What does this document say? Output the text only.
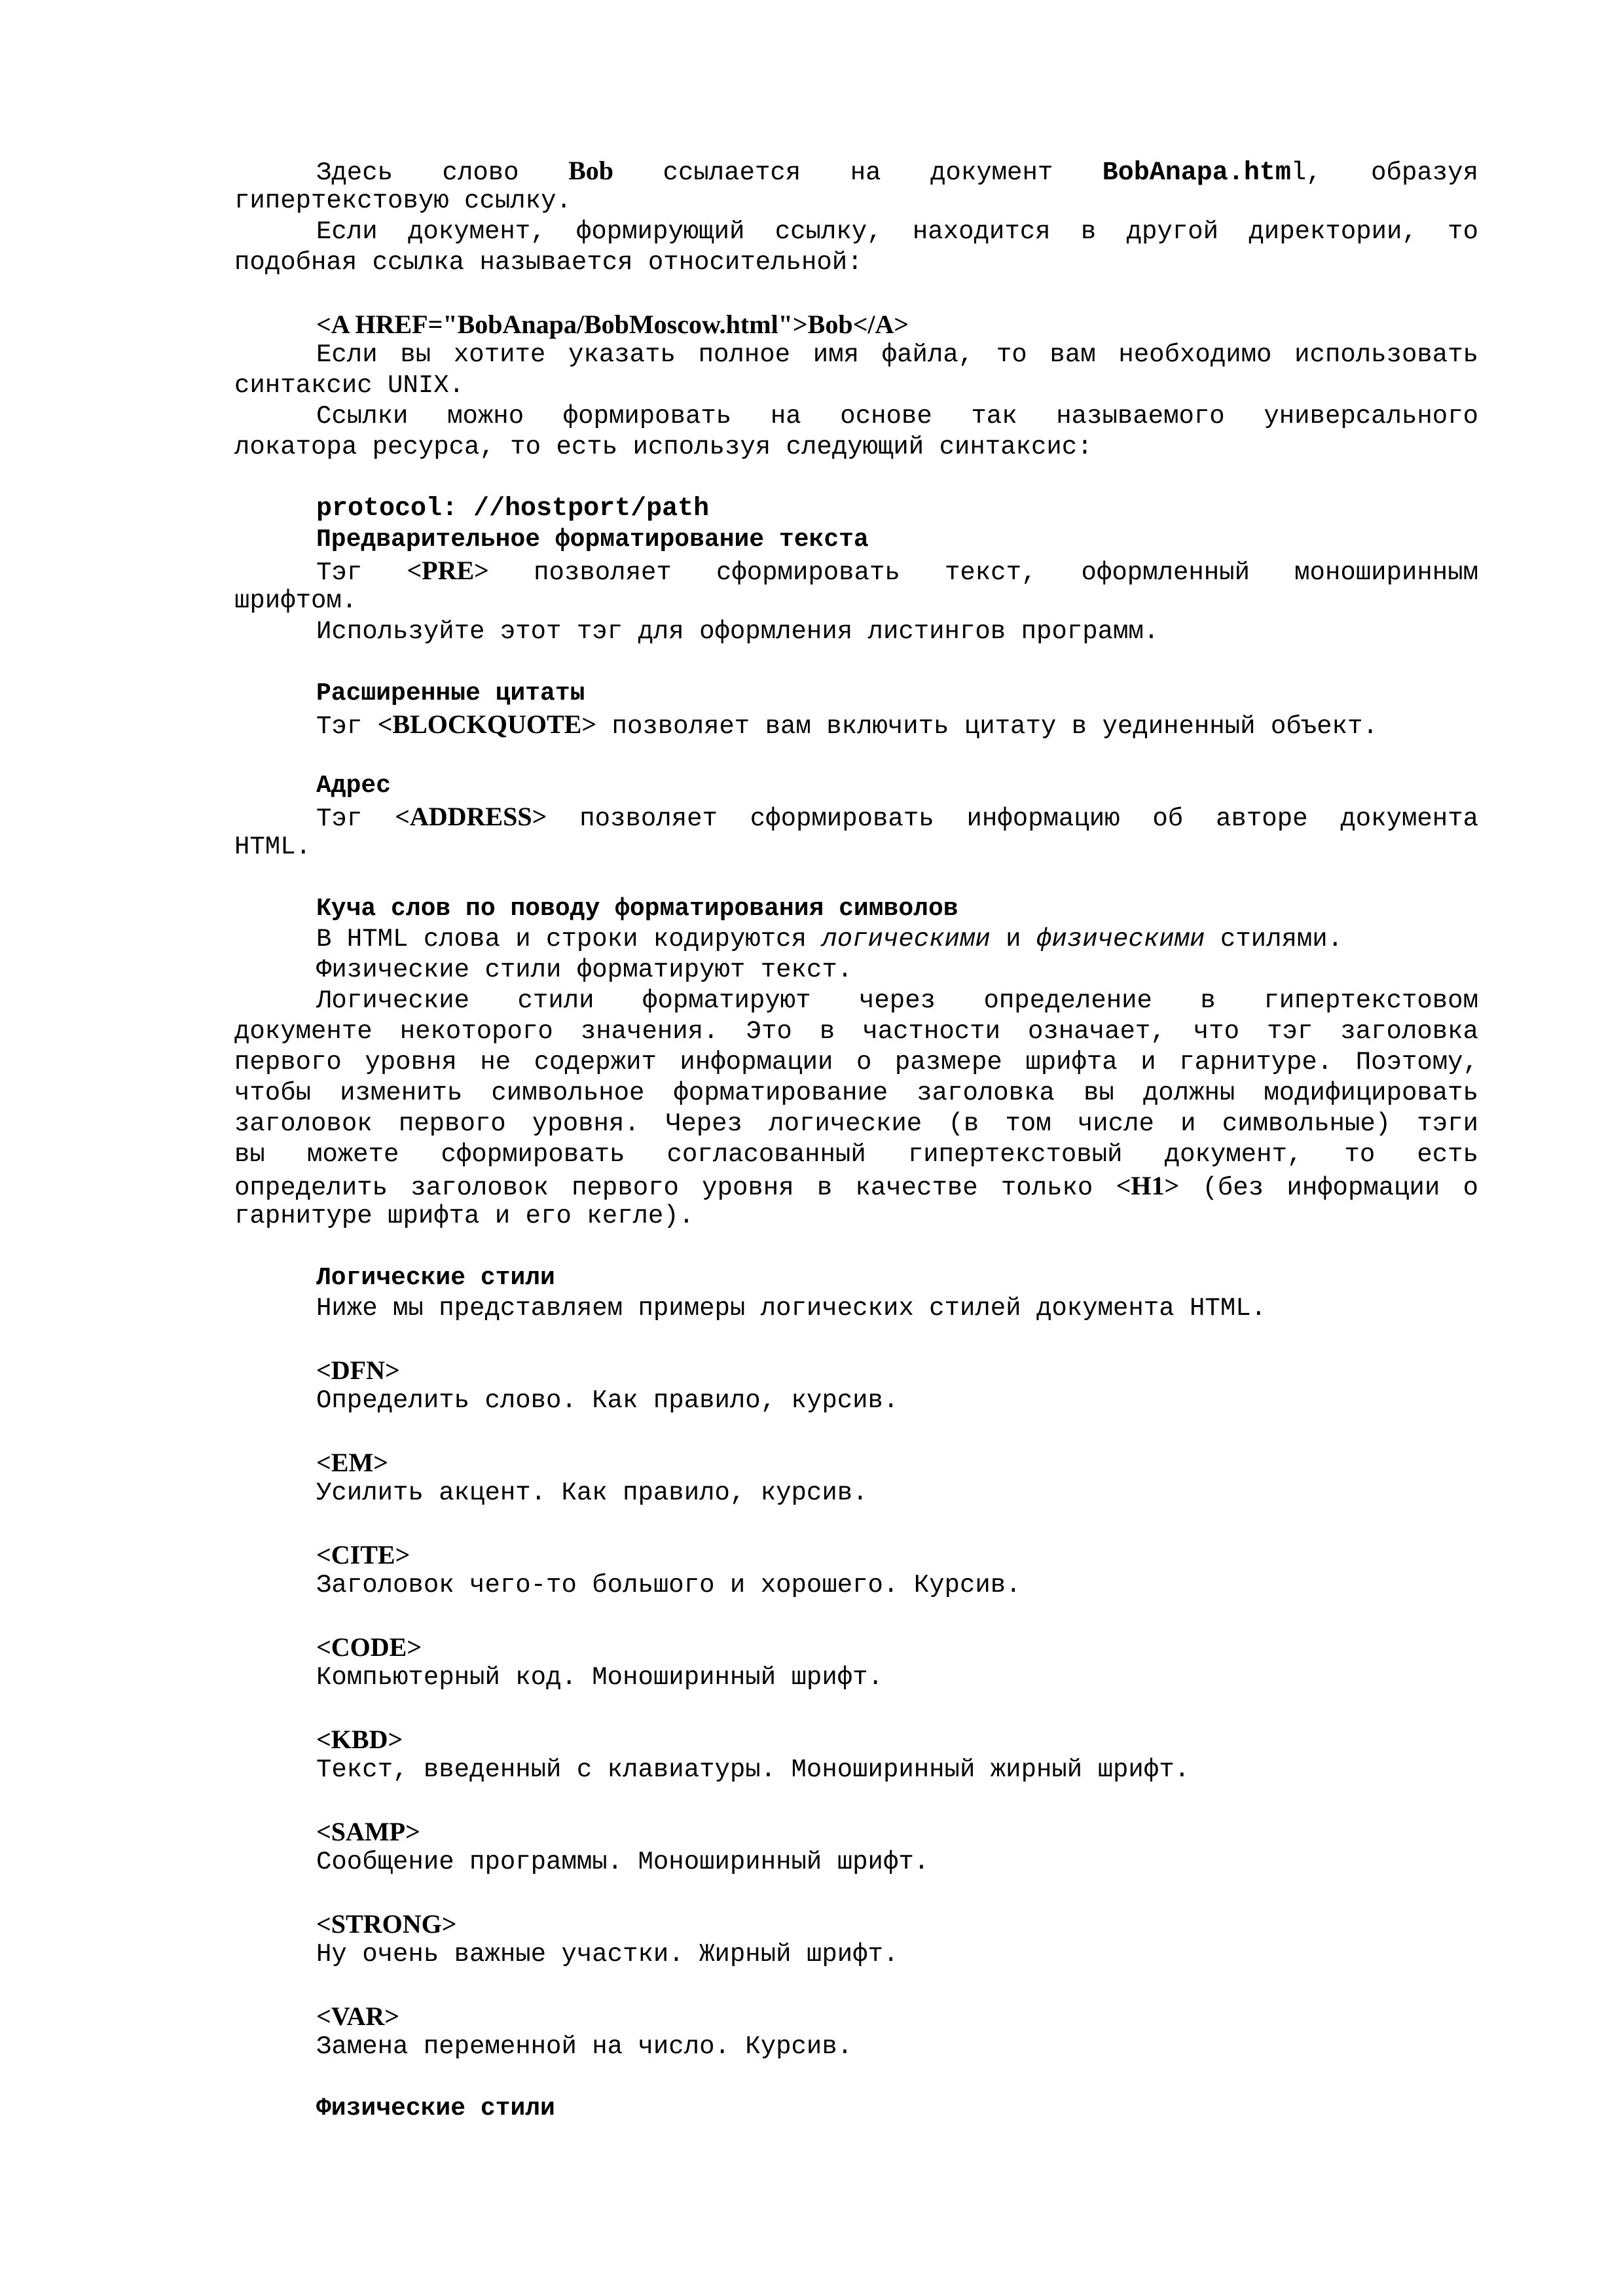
Здесь слово Bob ссылается на документ BobAnapa.html, образуя
гипертекстовую ссылку.
Если документ, формирующий ссылку, находится в другой директории, то
подобная ссылка называется относительной:
<A HREF="BobAnapa/BobMoscow.html">Bob</A>
Если вы хотите указать полное имя файла, то вам необходимо использовать
синтаксис UNIX.
Ссылки можно формировать на основе так называемого универсального
локатора ресурса, то есть используя следующий синтаксис:
protocol: //hostport/path
Предварительное форматирование текста
Тэг <PRE> позволяет сформировать текст, оформленный моноширинным
шрифтом.
Используйте этот тэг для оформления листингов программ.
Расширенные цитаты
Тэг <BLOCKQUOTE> позволяет вам включить цитату в уединенный объект.
Адрес
Тэг <ADDRESS> позволяет сформировать информацию об авторе документа
HTML.
Куча слов по поводу форматирования символов
В HTML слова и строки кодируются логическими и физическими стилями.
Физические стили форматируют текст.
Логические стили форматируют через определение в гипертекстовом
документе некоторого значения. Это в частности означает, что тэг заголовка
первого уровня не содержит информации о размере шрифта и гарнитуре. Поэтому,
чтобы изменить символьное форматирование заголовка вы должны модифицировать
заголовок первого уровня. Через логические (в том числе и символьные) тэги
вы можете сформировать согласованный гипертекстовый документ, то есть
определить заголовок первого уровня в качестве только <H1> (без информации о
гарнитуре шрифта и его кегле).
Логические стили
Ниже мы представляем примеры логических стилей документа HTML.
<DFN>
Определить слово. Как правило, курсив.
<EM>
Усилить акцент. Как правило, курсив.
<CITE>
Заголовок чего-то большого и хорошего. Курсив.
<CODE>
Компьютерный код. Моноширинный шрифт.
<KBD>
Текст, введенный с клавиатуры. Моноширинный жирный шрифт.
<SAMP>
Сообщение программы. Моноширинный шрифт.
<STRONG>
Ну очень важные участки. Жирный шрифт.
<VAR>
Замена переменной на число. Курсив.
Физические стили
